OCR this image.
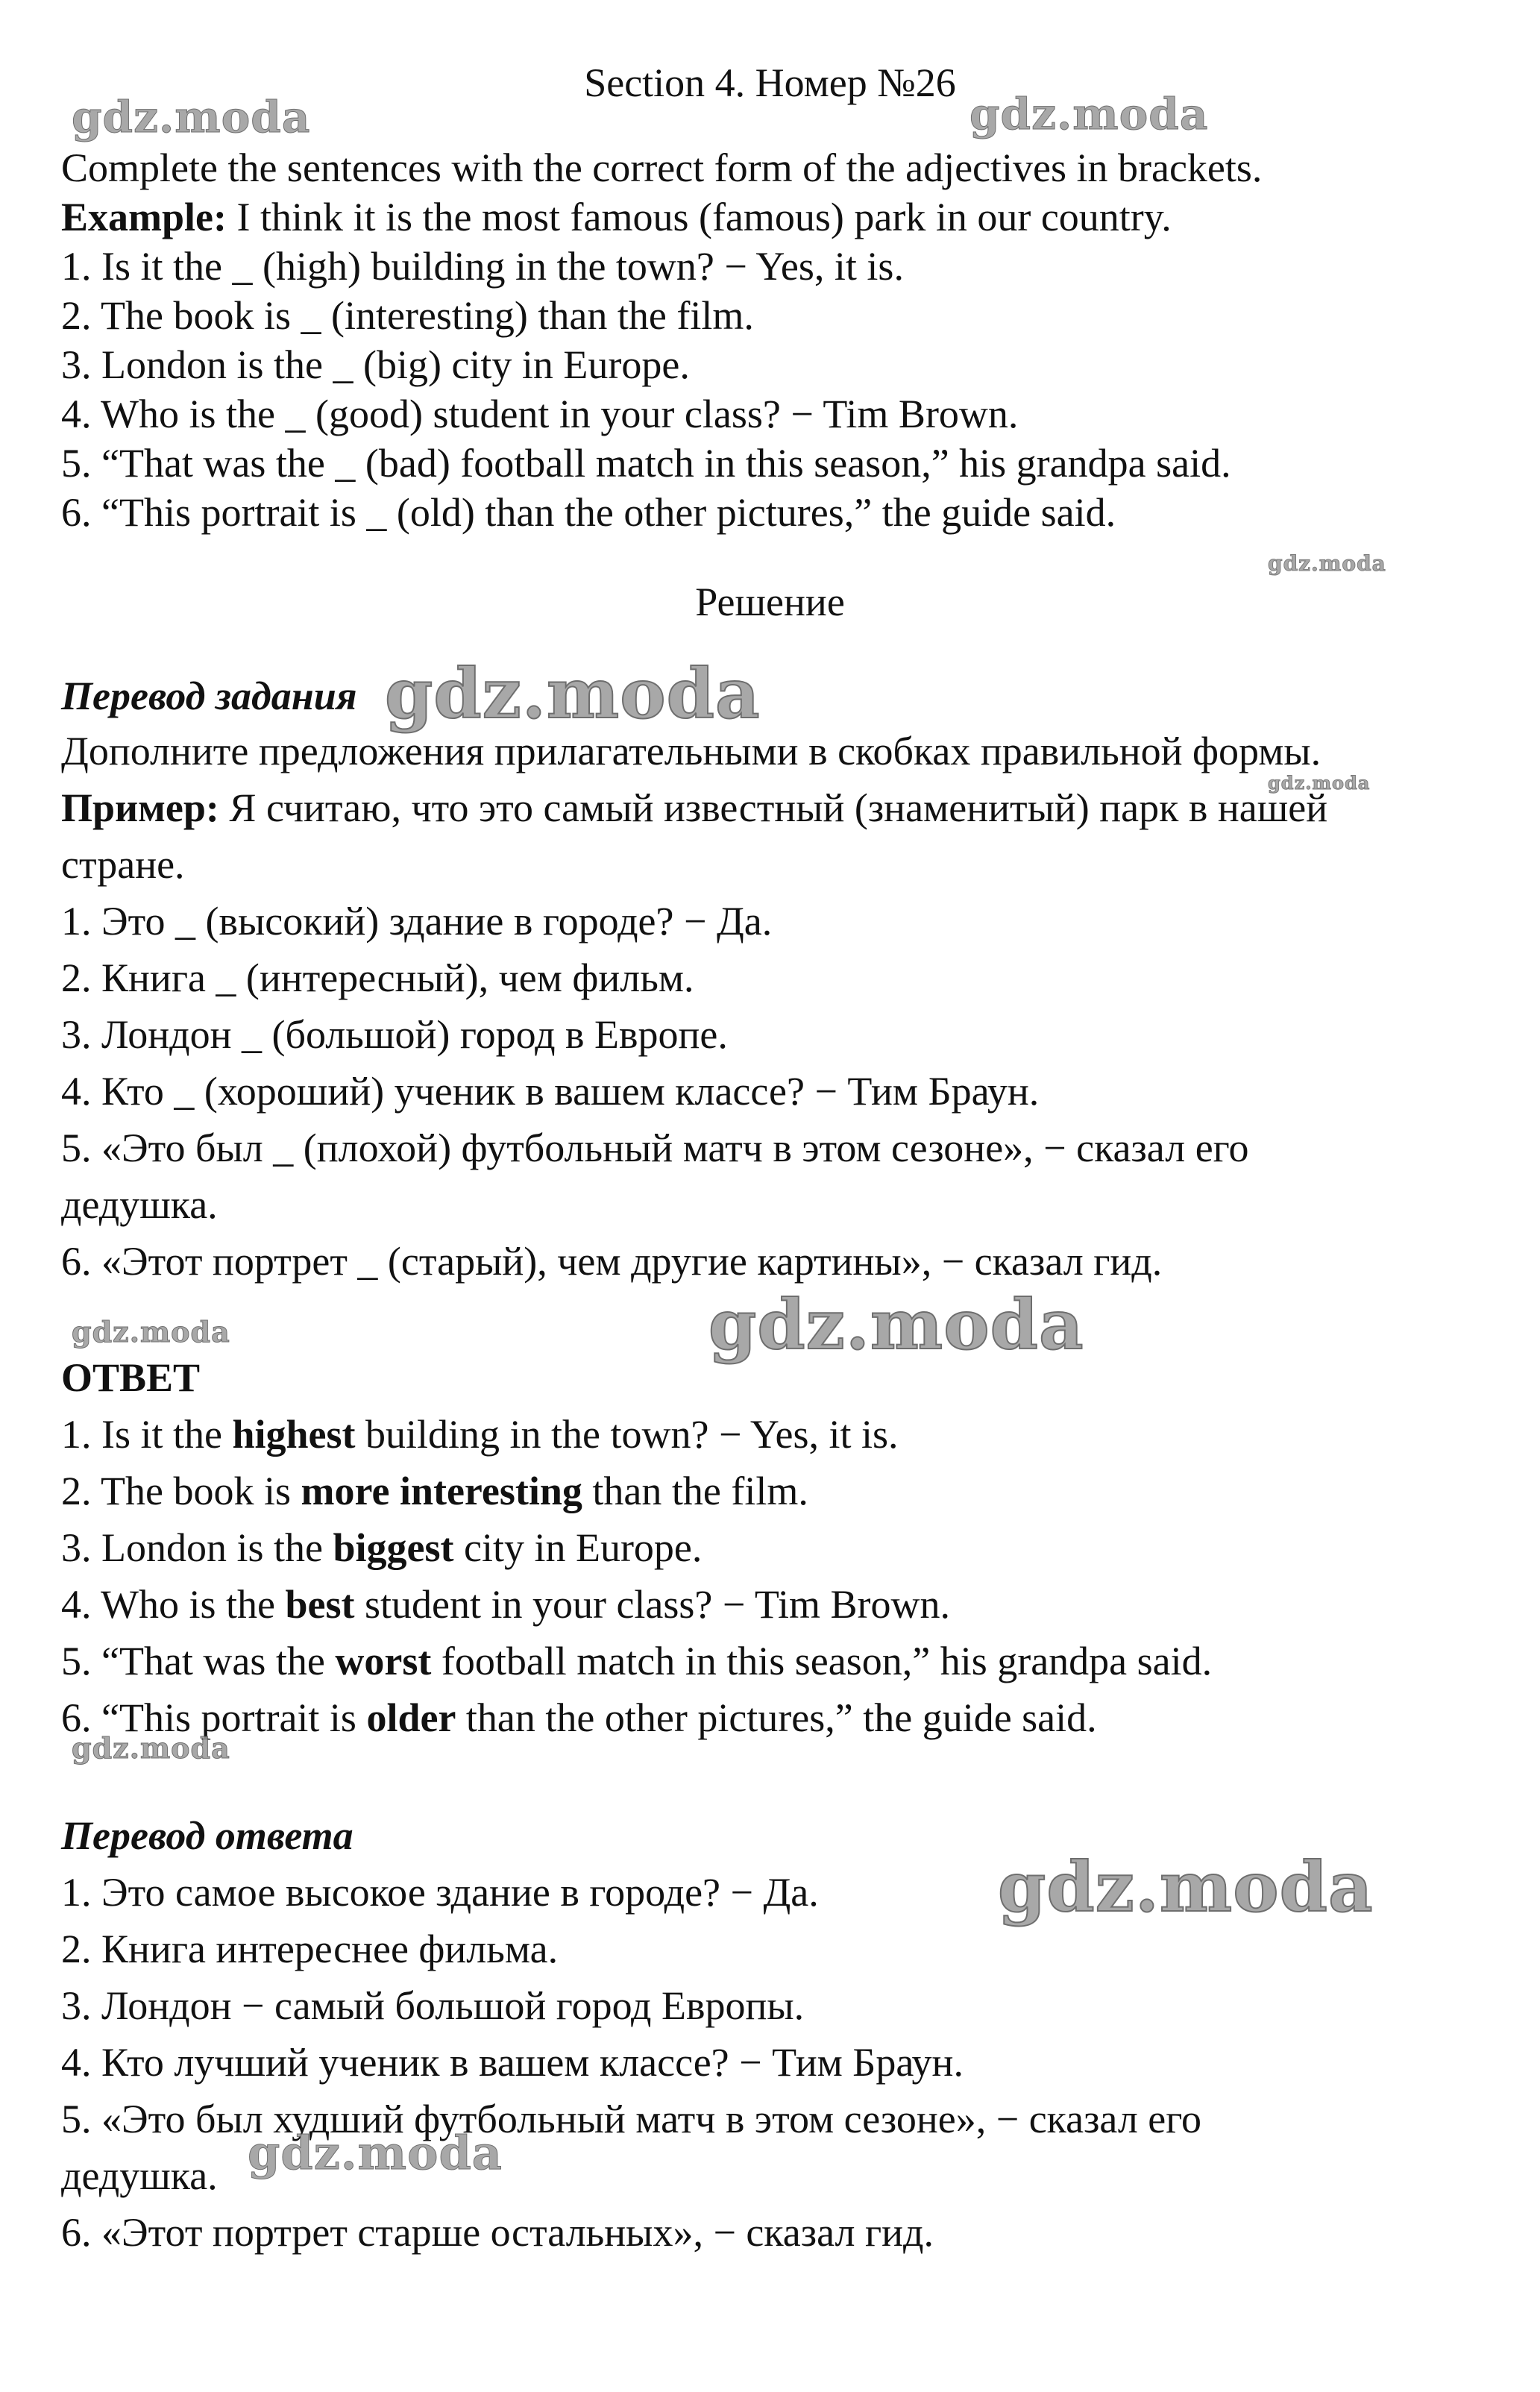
Section 4. Номер №26

Complete the sentences with the correct form of the adjectives in brackets.

Example: I think it is the most famous (famous) park in our country.

1. Is it the _ (high) building in the town? − Yes, it is.

2. The book is _ (interesting) than the film.

3. London is the _ (big) city in Europe.

4. Who is the _ (good) student in your class? − Tim Brown.

5. “That was the _ (bad) football match in this season,” his grandpa said.

6. “This portrait is _ (old) than the other pictures,” the guide said.

Решение

Перевод задания

Дополните предложения прилагательными в скобках правильной формы.

Пример: Я считаю, что это самый известный (знаменитый) парк в нашей

стране.

1. Это _ (высокий) здание в городе? − Да.

2. Книга _ (интересный), чем фильм.

3. Лондон _ (большой) город в Европе.

4. Кто _ (хороший) ученик в вашем классе? − Тим Браун.

5. «Это был _ (плохой) футбольный матч в этом сезоне», − сказал его

дедушка.

6. «Этот портрет _ (старый), чем другие картины», − сказал гид.

ОТВЕТ

1. Is it the highest building in the town? − Yes, it is.

2. The book is more interesting than the film.

3. London is the biggest city in Europe.

4. Who is the best student in your class? − Tim Brown.

5. “That was the worst football match in this season,” his grandpa said.

6. “This portrait is older than the other pictures,” the guide said.

Перевод ответа

1. Это самое высокое здание в городе? − Да.

2. Книга интереснее фильма.

3. Лондон − самый большой город Европы.

4. Кто лучший ученик в вашем классе? − Тим Браун.

5. «Это был худший футбольный матч в этом сезоне», − сказал его

дедушка.

6. «Этот портрет старше остальных», − сказал гид.

gdz.moda	gdz.moda
gdz.moda
gdz.moda
gdz.moda
gdz.moda	gdz.moda
gdz.moda
gdz.moda
gdz.moda
